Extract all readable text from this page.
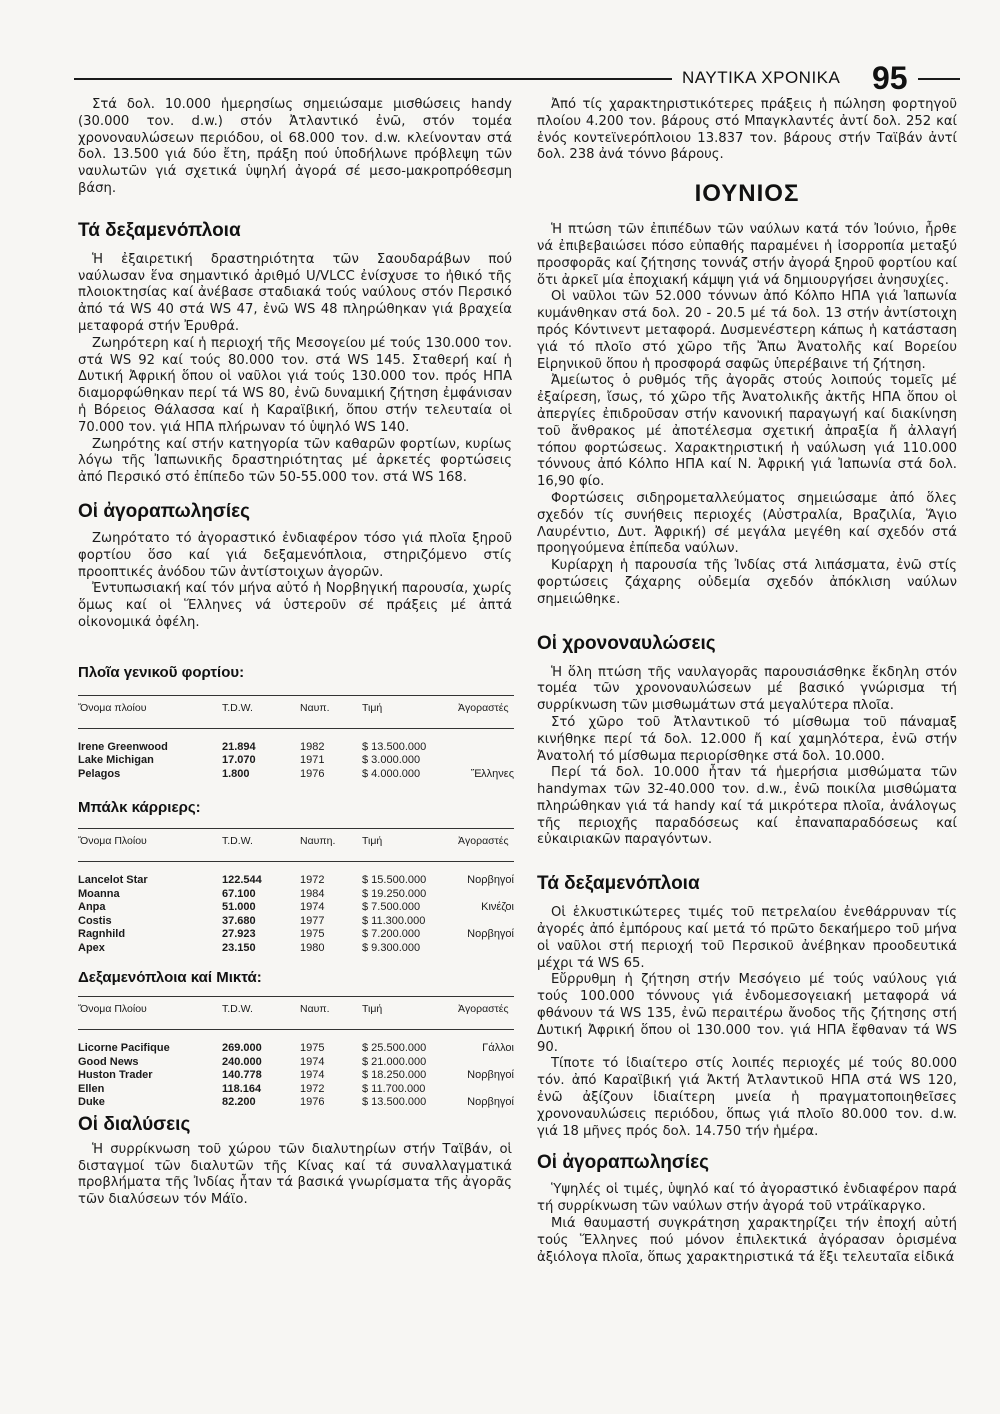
ΝΑΥΤΙΚΑ ΧΡΟΝΙΚΑ 95

Στά δολ. 10.000 ἡμερησίως σημειώσαμε μισθώσεις handy (30.000 τον. d.w.) στόν Ἀτλαντικό ἐνῶ, στόν τομέα χρονοναυλώσεων περιόδου, οἱ 68.000 τον. d.w. κλείνονταν στά δολ. 13.500 γιά δύο ἔτη, πράξη πού ὑποδήλωνε πρόβλεψη τῶν ναυλωτῶν γιά σχετικά ὑψηλή ἀγορά σέ μεσο-μακροπρόθεσμη βάση.

Τά δεξαμενόπλοια

Ἡ ἐξαιρετική δραστηριότητα τῶν Σαουδαράβων πού ναύλωσαν ἕνα σημαντικό ἀριθμό U/VLCC ἐνίσχυσε το ἠθικό τῆς πλοιοκτησίας καί ἀνέβασε σταδιακά τούς ναύλους στόν Περσικό ἀπό τά WS 40 στά WS 47, ἐνῶ WS 48 πληρώθηκαν γιά βραχεία μεταφορά στήν Ἐρυθρά.

Ζωηρότερη καί ἡ περιοχή τῆς Μεσογείου μέ τούς 130.000 τον. στά WS 92 καί τούς 80.000 τον. στά WS 145. Σταθερή καί ἡ Δυτική Ἀφρική ὅπου οἱ ναῦλοι γιά τούς 130.000 τον. πρός ΗΠΑ διαμορφώθηκαν περί τά WS 80, ἐνῶ δυναμική ζήτηση ἐμφάνισαν ἡ Βόρειος Θάλασσα καί ἡ Καραϊβική, ὅπου στήν τελευταία οἱ 70.000 τον. γιά ΗΠΑ πλήρωναν τό ὑψηλό WS 140.

Ζωηρότης καί στήν κατηγορία τῶν καθαρῶν φορτίων, κυρίως λόγω τῆς Ἰαπωνικῆς δραστηριότητας μέ ἀρκετές φορτώσεις ἀπό Περσικό στό ἐπίπεδο τῶν 50-55.000 τον. στά WS 168.

Οἱ ἀγοραπωλησίες

Ζωηρότατο τό ἀγοραστικό ἐνδιαφέρον τόσο γιά πλοῖα ξηροῦ φορτίου ὅσο καί γιά δεξαμενόπλοια, στηριζόμενο στίς προοπτικές ἀνόδου τῶν ἀντίστοιχων ἀγορῶν.

Ἐντυπωσιακή καί τόν μήνα αὐτό ἡ Νορβηγική παρουσία, χωρίς ὅμως καί οἱ Ἕλληνες νά ὑστεροῦν σέ πράξεις μέ ἀπτά οἰκονομικά ὀφέλη.

Πλοῖα γενικοῦ φορτίου:
Ὄνομα πλοίου	T.D.W.	Ναυπ.	Τιμή	Ἀγοραστές
Irene Greenwood	21.894	1982	$ 13.500.000	
Lake Michigan	17.070	1971	$ 3.000.000	
Pelagos	1.800	1976	$ 4.000.000	Ἕλληνες
Μπάλκ κάρριερς:
Ὄνομα Πλοίου	T.D.W.	Ναυπη.	Τιμή	Ἀγοραστές
Lancelot Star	122.544	1972	$ 15.500.000	Νορβηγοί
Moanna	67.100	1984	$ 19.250.000	
Anpa	51.000	1974	$ 7.500.000	Κινέζοι
Costis	37.680	1977	$ 11.300.000	
Ragnhild	27.923	1975	$ 7.200.000	Νορβηγοί
Apex	23.150	1980	$ 9.300.000	
Δεξαμενόπλοια καί Μικτά:
Ὄνομα Πλοίου	T.D.W.	Ναυπ.	Τιμή	Ἀγοραστές
Licorne Pacifique	269.000	1975	$ 25.500.000	Γάλλοι
Good News	240.000	1974	$ 21.000.000	
Huston Trader	140.778	1974	$ 18.250.000	Νορβηγοί
Ellen	118.164	1972	$ 11.700.000	
Duke	82.200	1976	$ 13.500.000	Νορβηγοί
Οἱ διαλύσεις

Ἡ συρρίκνωση τοῦ χώρου τῶν διαλυτηρίων στήν Ταϊβάν, οἱ δισταγμοί τῶν διαλυτῶν τῆς Κίνας καί τά συναλλαγματικά προβλήματα τῆς Ἰνδίας ἦταν τά βασικά γνωρίσματα τῆς ἀγορᾶς τῶν διαλύσεων τόν Μάϊο.

Ἀπό τίς χαρακτηριστικότερες πράξεις ἡ πώληση φορτηγοῦ πλοίου 4.200 τον. βάρους στό Μπαγκλαντές ἀντί δολ. 252 καί ἑνός κοντεϊνερόπλοιου 13.837 τον. βάρους στήν Ταϊβάν ἀντί δολ. 238 ἀνά τόννο βάρους.

ΙΟΥΝΙΟΣ

Ἡ πτώση τῶν ἐπιπέδων τῶν ναύλων κατά τόν Ἰούνιο, ἦρθε νά ἐπιβεβαιώσει πόσο εὐπαθής παραμένει ἡ ἰσορροπία μεταξύ προσφορᾶς καί ζήτησης τοννάζ στήν ἀγορά ξηροῦ φορτίου καί ὅτι ἀρκεῖ μία ἐποχιακή κάμψη γιά νά δημιουργήσει ἀνησυχίες.

Οἱ ναῦλοι τῶν 52.000 τόννων ἀπό Κόλπο ΗΠΑ γιά Ἰαπωνία κυμάνθηκαν στά δολ. 20 - 20.5 μέ τά δολ. 13 στήν ἀντίστοιχη πρός Κόντινεντ μεταφορά. Δυσμενέστερη κάπως ἡ κατάσταση γιά τό πλοῖο στό χῶρο τῆς Ἄπω Ἀνατολῆς καί Βορείου Εἰρηνικοῦ ὅπου ἡ προσφορά σαφῶς ὑπερέβαινε τή ζήτηση.

Ἀμείωτος ὁ ρυθμός τῆς ἀγορᾶς στούς λοιπούς τομεῖς μέ ἐξαίρεση, ἴσως, τό χῶρο τῆς Ἀνατολικῆς ἀκτῆς ΗΠΑ ὅπου οἱ ἀπεργίες ἐπιδροῦσαν στήν κανονική παραγωγή καί διακίνηση τοῦ ἄνθρακος μέ ἀποτέλεσμα σχετική ἀπραξία ἤ ἀλλαγή τόπου φορτώσεως. Χαρακτηριστική ἡ ναύλωση γιά 110.000 τόννους ἀπό Κόλπο ΗΠΑ καί Ν. Ἀφρική γιά Ἰαπωνία στά δολ. 16,90 φίο.

Φορτώσεις σιδηρομεταλλεύματος σημειώσαμε ἀπό ὅλες σχεδόν τίς συνήθεις περιοχές (Αὐστραλία, Βραζιλία, Ἅγιο Λαυρέντιο, Δυτ. Ἀφρική) σέ μεγάλα μεγέθη καί σχεδόν στά προηγούμενα ἐπίπεδα ναύλων.

Κυρίαρχη ἡ παρουσία τῆς Ἰνδίας στά λιπάσματα, ἐνῶ στίς φορτώσεις ζάχαρης οὐδεμία σχεδόν ἀπόκλιση ναύλων σημειώθηκε.

Οἱ χρονοναυλώσεις

Ἡ ὅλη πτώση τῆς ναυλαγορᾶς παρουσιάσθηκε ἔκδηλη στόν τομέα τῶν χρονοναυλώσεων μέ βασικό γνώρισμα τή συρρίκνωση τῶν μισθωμάτων στά μεγαλύτερα πλοῖα.

Στό χῶρο τοῦ Ἀτλαντικοῦ τό μίσθωμα τοῦ πάναμαξ κινήθηκε περί τά δολ. 12.000 ἤ καί χαμηλότερα, ἐνῶ στήν Ἀνατολή τό μίσθωμα περιορίσθηκε στά δολ. 10.000.

Περί τά δολ. 10.000 ἦταν τά ἡμερήσια μισθώματα τῶν handymax τῶν 32-40.000 τον. d.w., ἐνῶ ποικίλα μισθώματα πληρώθηκαν γιά τά handy καί τά μικρότερα πλοῖα, ἀνάλογως τῆς περιοχῆς παραδόσεως καί ἐπαναπαραδόσεως καί εὐκαιριακῶν παραγόντων.

Τά δεξαμενόπλοια

Οἱ ἑλκυστικώτερες τιμές τοῦ πετρελαίου ἐνεθάρρυναν τίς ἀγορές ἀπό ἐμπόρους καί μετά τό πρῶτο δεκαήμερο τοῦ μήνα οἱ ναῦλοι στή περιοχή τοῦ Περσικοῦ ἀνέβηκαν προοδευτικά μέχρι τά WS 65.

Εὔρρυθμη ἡ ζήτηση στήν Μεσόγειο μέ τούς ναύλους γιά τούς 100.000 τόννους γιά ἐνδομεσογειακή μεταφορά νά φθάνουν τά WS 135, ἐνῶ περαιτέρω ἄνοδος τῆς ζήτησης στή Δυτική Ἀφρική ὅπου οἱ 130.000 τον. γιά ΗΠΑ ἔφθαναν τά WS 90.

Τίποτε τό ἰδιαίτερο στίς λοιπές περιοχές μέ τούς 80.000 τόν. ἀπό Καραϊβική γιά Ἀκτή Ἀτλαντικοῦ ΗΠΑ στά WS 120, ἐνῶ ἀξίζουν ἰδιαίτερη μνεία ἡ πραγματοποιηθεῖσες χρονοναυλώσεις περιόδου, ὅπως γιά πλοῖο 80.000 τον. d.w. γιά 18 μῆνες πρός δολ. 14.750 τήν ἡμέρα.

Οἱ ἀγοραπωλησίες

Ὑψηλές οἱ τιμές, ὑψηλό καί τό ἀγοραστικό ἐνδιαφέρον παρά τή συρρίκνωση τῶν ναύλων στήν ἀγορά τοῦ ντράϊκαργκο.

Μιά θαυμαστή συγκράτηση χαρακτηρίζει τήν ἐποχή αὐτή τούς Ἕλληνες πού μόνον ἐπιλεκτικά ἀγόρασαν ὁρισμένα ἀξιόλογα πλοῖα, ὅπως χαρακτηριστικά τά ἕξι τελευταῖα εἰδικά
